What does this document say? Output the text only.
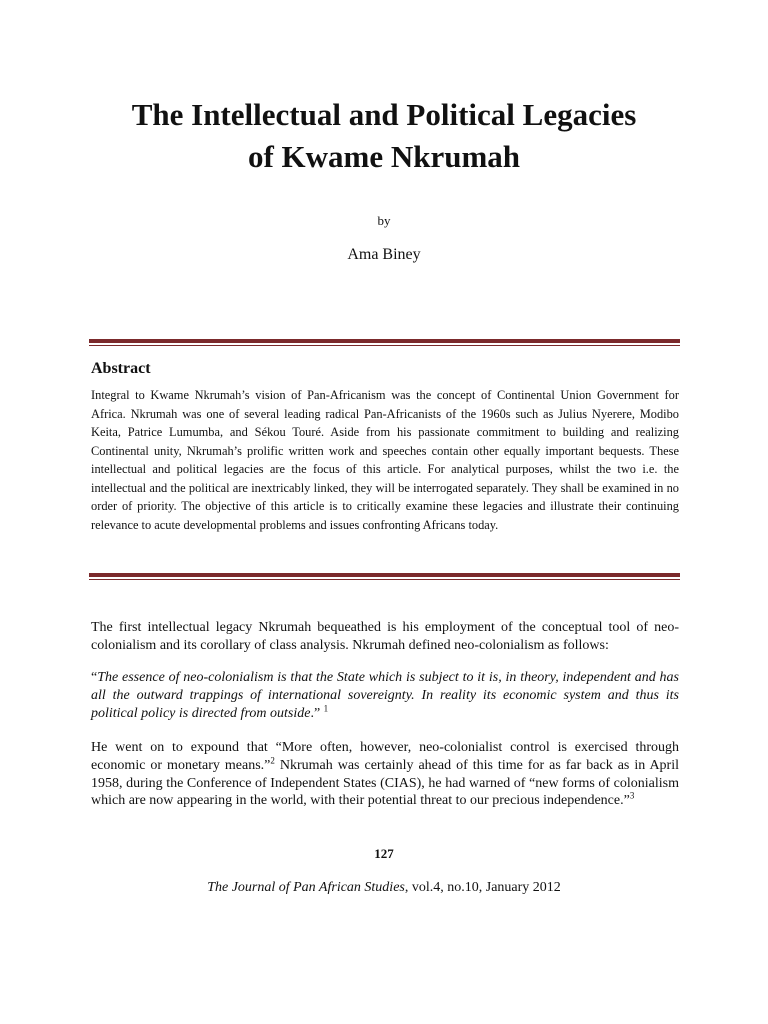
The Intellectual and Political Legacies
of Kwame Nkrumah
by
Ama Biney
Abstract

Integral to Kwame Nkrumah’s vision of Pan-Africanism was the concept of Continental Union Government for Africa. Nkrumah was one of several leading radical Pan-Africanists of the 1960s such as Julius Nyerere, Modibo Keita, Patrice Lumumba, and Sékou Touré. Aside from his passionate commitment to building and realizing Continental unity, Nkrumah’s prolific written work and speeches contain other equally important bequests. These intellectual and political legacies are the focus of this article. For analytical purposes, whilst the two i.e. the intellectual and the political are inextricably linked, they will be interrogated separately. They shall be examined in no order of priority. The objective of this article is to critically examine these legacies and illustrate their continuing relevance to acute developmental problems and issues confronting Africans today.

The first intellectual legacy Nkrumah bequeathed is his employment of the conceptual tool of neo-colonialism and its corollary of class analysis. Nkrumah defined neo-colonialism as follows:

“The essence of neo-colonialism is that the State which is subject to it is, in theory, independent and has all the outward trappings of international sovereignty. In reality its economic system and thus its political policy is directed from outside.” $^1$

He went on to expound that “More often, however, neo-colonialist control is exercised through economic or monetary means.”$^2$ Nkrumah was certainly ahead of this time for as far back as in April 1958, during the Conference of Independent States (CIAS), he had warned of “new forms of colonialism which are now appearing in the world, with their potential threat to our precious independence.”$^3$

127
The Journal of Pan African Studies, vol.4, no.10, January 2012
